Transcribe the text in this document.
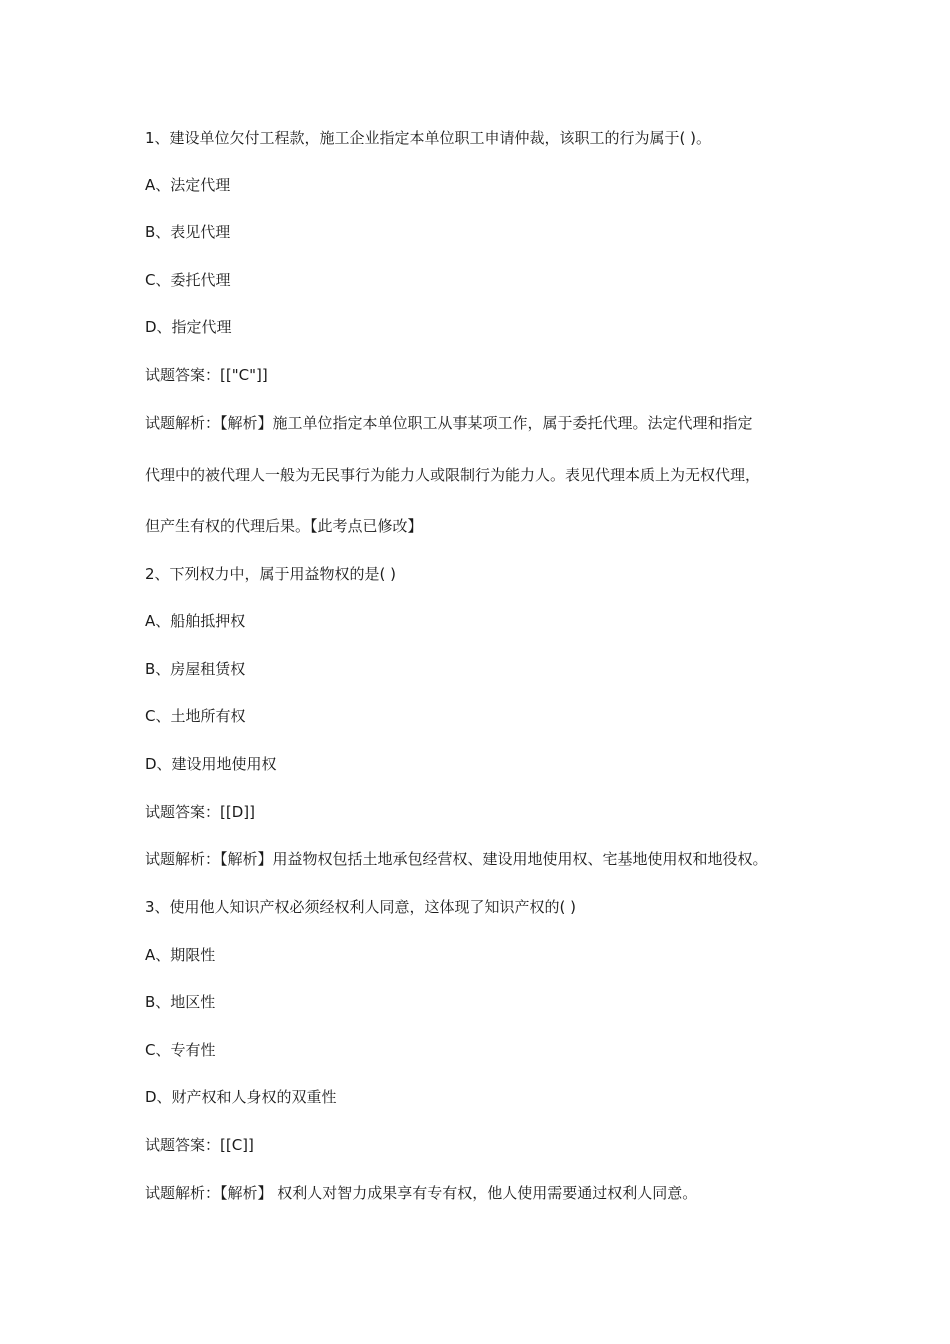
1、建设单位欠付工程款，施工企业指定本单位职工申请仲裁，该职工的行为属于( )。
A、法定代理
B、表见代理
C、委托代理
D、指定代理
试题答案：[["C"]]
试题解析：【解析】施工单位指定本单位职工从事某项工作，属于委托代理。法定代理和指定
代理中的被代理人一般为无民事行为能力人或限制行为能力人。表见代理本质上为无权代理，
但产生有权的代理后果。【此考点已修改】
2、下列权力中，属于用益物权的是( )
A、船舶抵押权
B、房屋租赁权
C、土地所有权
D、建设用地使用权
试题答案：[[D]]
试题解析：【解析】用益物权包括土地承包经营权、建设用地使用权、宅基地使用权和地役权。
3、使用他人知识产权必须经权利人同意，这体现了知识产权的( )
A、期限性
B、地区性
C、专有性
D、财产权和人身权的双重性
试题答案：[[C]]
试题解析：【解析】 权利人对智力成果享有专有权，他人使用需要通过权利人同意。
